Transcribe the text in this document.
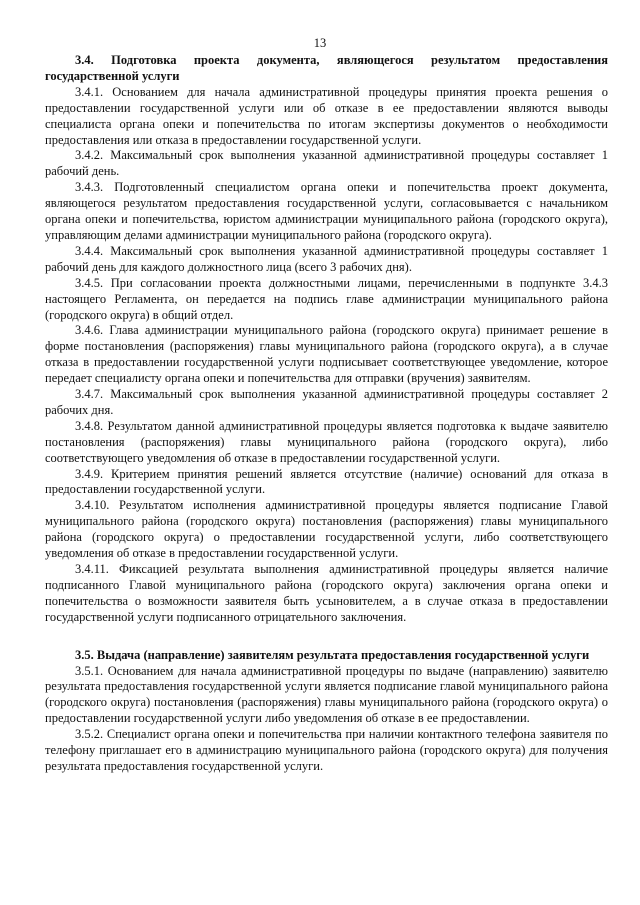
13

3.4. Подготовка проекта документа, являющегося результатом предоставления государственной услуги

3.4.1. Основанием для начала административной процедуры принятия проекта решения о предоставлении государственной услуги или об отказе в ее предоставлении являются выводы специалиста органа опеки и попечительства по итогам экспертизы документов о необходимости предоставления или отказа в предоставлении государственной услуги.

3.4.2. Максимальный срок выполнения указанной административной процедуры составляет 1 рабочий день.

3.4.3. Подготовленный специалистом органа опеки и попечительства проект документа, являющегося результатом предоставления государственной услуги, согласовывается с начальником органа опеки и попечительства, юристом администрации муниципального района (городского округа), управляющим делами администрации муниципального района (городского округа).

3.4.4. Максимальный срок выполнения указанной административной процедуры составляет 1 рабочий день для каждого должностного лица (всего 3 рабочих дня).

3.4.5. При согласовании проекта должностными лицами, перечисленными в подпункте 3.4.3 настоящего Регламента, он передается на подпись главе администрации муниципального района (городского округа) в общий отдел.

3.4.6. Глава администрации муниципального района (городского округа) принимает решение в форме постановления (распоряжения) главы муниципального района (городского округа), а в случае отказа в предоставлении государственной услуги подписывает соответствующее уведомление, которое передает специалисту органа опеки и попечительства для отправки (вручения) заявителям.

3.4.7. Максимальный срок выполнения указанной административной процедуры составляет 2 рабочих дня.

3.4.8. Результатом данной административной процедуры является подготовка к выдаче заявителю постановления (распоряжения) главы муниципального района (городского округа), либо соответствующего уведомления об отказе в предоставлении государственной услуги.

3.4.9. Критерием принятия решений является отсутствие (наличие) оснований для отказа в предоставлении государственной услуги.

3.4.10. Результатом исполнения административной процедуры является подписание Главой муниципального района (городского округа) постановления (распоряжения) главы муниципального района (городского округа) о предоставлении государственной услуги, либо соответствующего уведомления об отказе в предоставлении государственной услуги.

3.4.11. Фиксацией результата выполнения административной процедуры является наличие подписанного Главой муниципального района (городского округа) заключения органа опеки и попечительства о возможности заявителя быть усыновителем, а в случае отказа в предоставлении государственной услуги подписанного отрицательного заключения.

3.5. Выдача (направление) заявителям результата предоставления государственной услуги

3.5.1. Основанием для начала административной процедуры по выдаче (направлению) заявителю результата предоставления государственной услуги является подписание главой муниципального района (городского округа) постановления (распоряжения) главы муниципального района (городского округа) о предоставлении государственной услуги либо уведомления об отказе в ее предоставлении.

3.5.2. Специалист органа опеки и попечительства при наличии контактного телефона заявителя по телефону приглашает его в администрацию муниципального района (городского округа) для получения результата предоставления государственной услуги.
